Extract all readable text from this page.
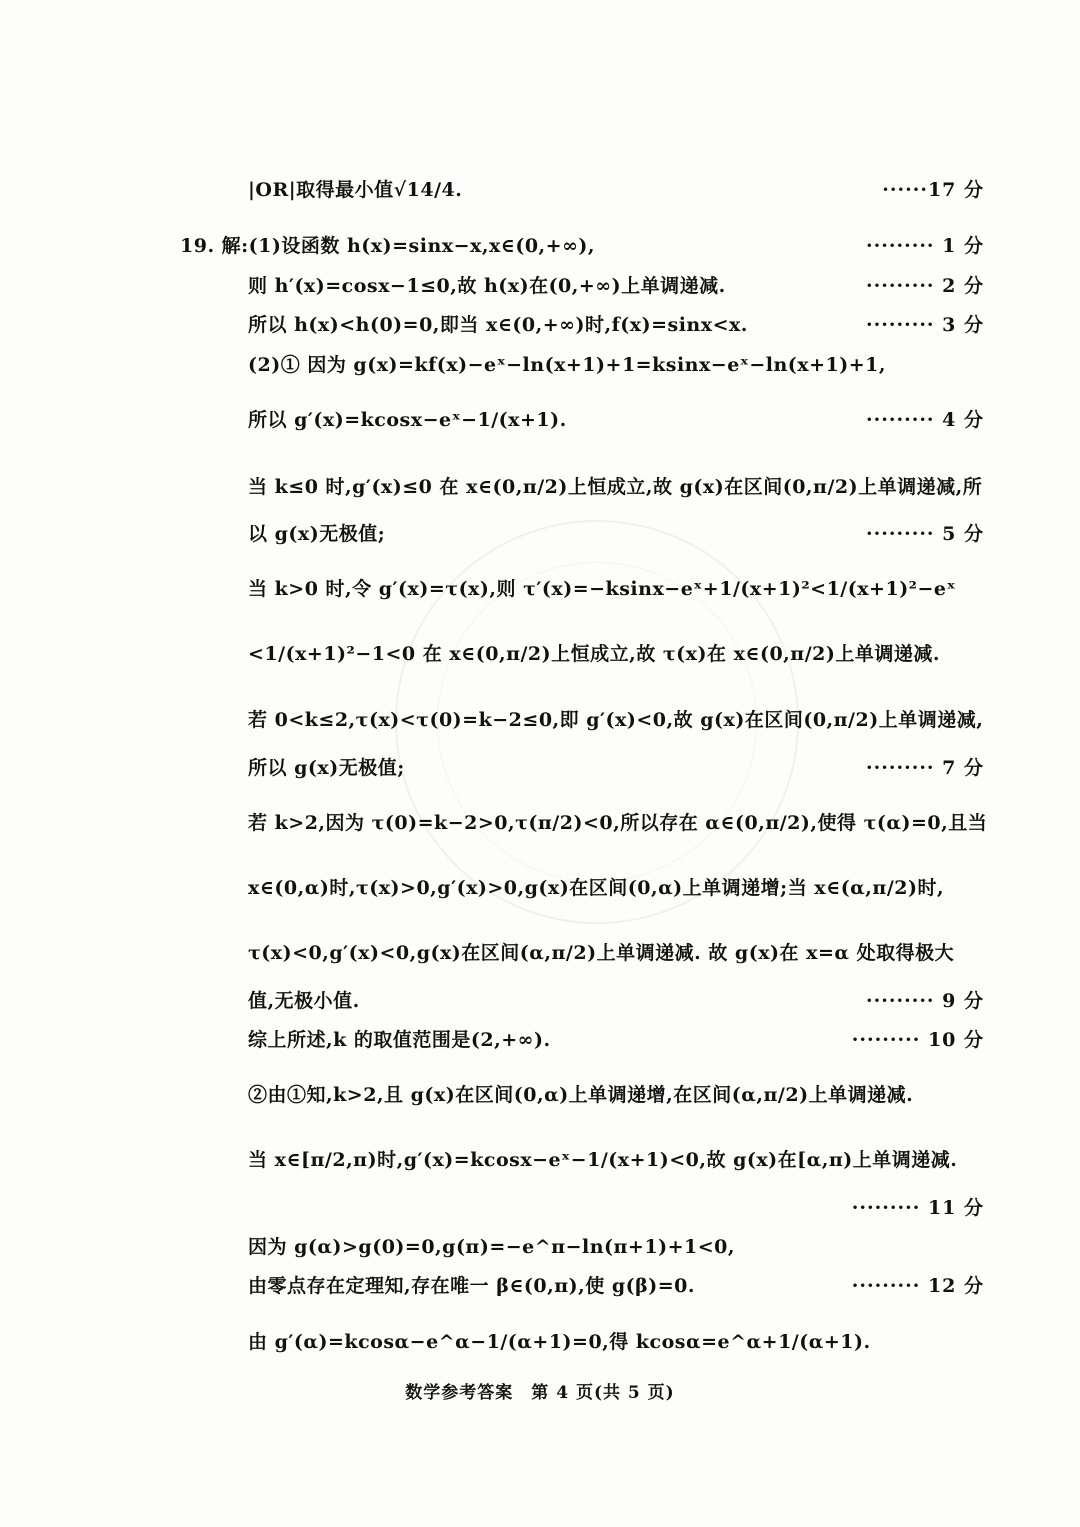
|OR|取得最小值√14/4.	······17 分
19. 解:(1)设函数 h(x)=sinx−x,x∈(0,+∞),	········· 1 分
则 h′(x)=cosx−1≤0,故 h(x)在(0,+∞)上单调递减.	········· 2 分
所以 h(x)<h(0)=0,即当 x∈(0,+∞)时,f(x)=sinx<x.	········· 3 分
(2)① 因为 g(x)=kf(x)−eˣ−ln(x+1)+1=ksinx−eˣ−ln(x+1)+1,
所以 g′(x)=kcosx−eˣ−1/(x+1).	········· 4 分
当 k≤0 时,g′(x)≤0 在 x∈(0,π/2)上恒成立,故 g(x)在区间(0,π/2)上单调递减,所
以 g(x)无极值;	········· 5 分
当 k>0 时,令 g′(x)=τ(x),则 τ′(x)=−ksinx−eˣ+1/(x+1)²<1/(x+1)²−eˣ
<1/(x+1)²−1<0 在 x∈(0,π/2)上恒成立,故 τ(x)在 x∈(0,π/2)上单调递减.
若 0<k≤2,τ(x)<τ(0)=k−2≤0,即 g′(x)<0,故 g(x)在区间(0,π/2)上单调递减,
所以 g(x)无极值;	········· 7 分
若 k>2,因为 τ(0)=k−2>0,τ(π/2)<0,所以存在 α∈(0,π/2),使得 τ(α)=0,且当
x∈(0,α)时,τ(x)>0,g′(x)>0,g(x)在区间(0,α)上单调递增;当 x∈(α,π/2)时,
τ(x)<0,g′(x)<0,g(x)在区间(α,π/2)上单调递减. 故 g(x)在 x=α 处取得极大
值,无极小值.	········· 9 分
综上所述,k 的取值范围是(2,+∞).	········· 10 分
②由①知,k>2,且 g(x)在区间(0,α)上单调递增,在区间(α,π/2)上单调递减.
当 x∈[π/2,π)时,g′(x)=kcosx−eˣ−1/(x+1)<0,故 g(x)在[α,π)上单调递减.
········· 11 分
因为 g(α)>g(0)=0,g(π)=−e^π−ln(π+1)+1<0,
由零点存在定理知,存在唯一 β∈(0,π),使 g(β)=0.	········· 12 分
由 g′(α)=kcosα−e^α−1/(α+1)=0,得 kcosα=e^α+1/(α+1).
数学参考答案　第 4 页(共 5 页)
